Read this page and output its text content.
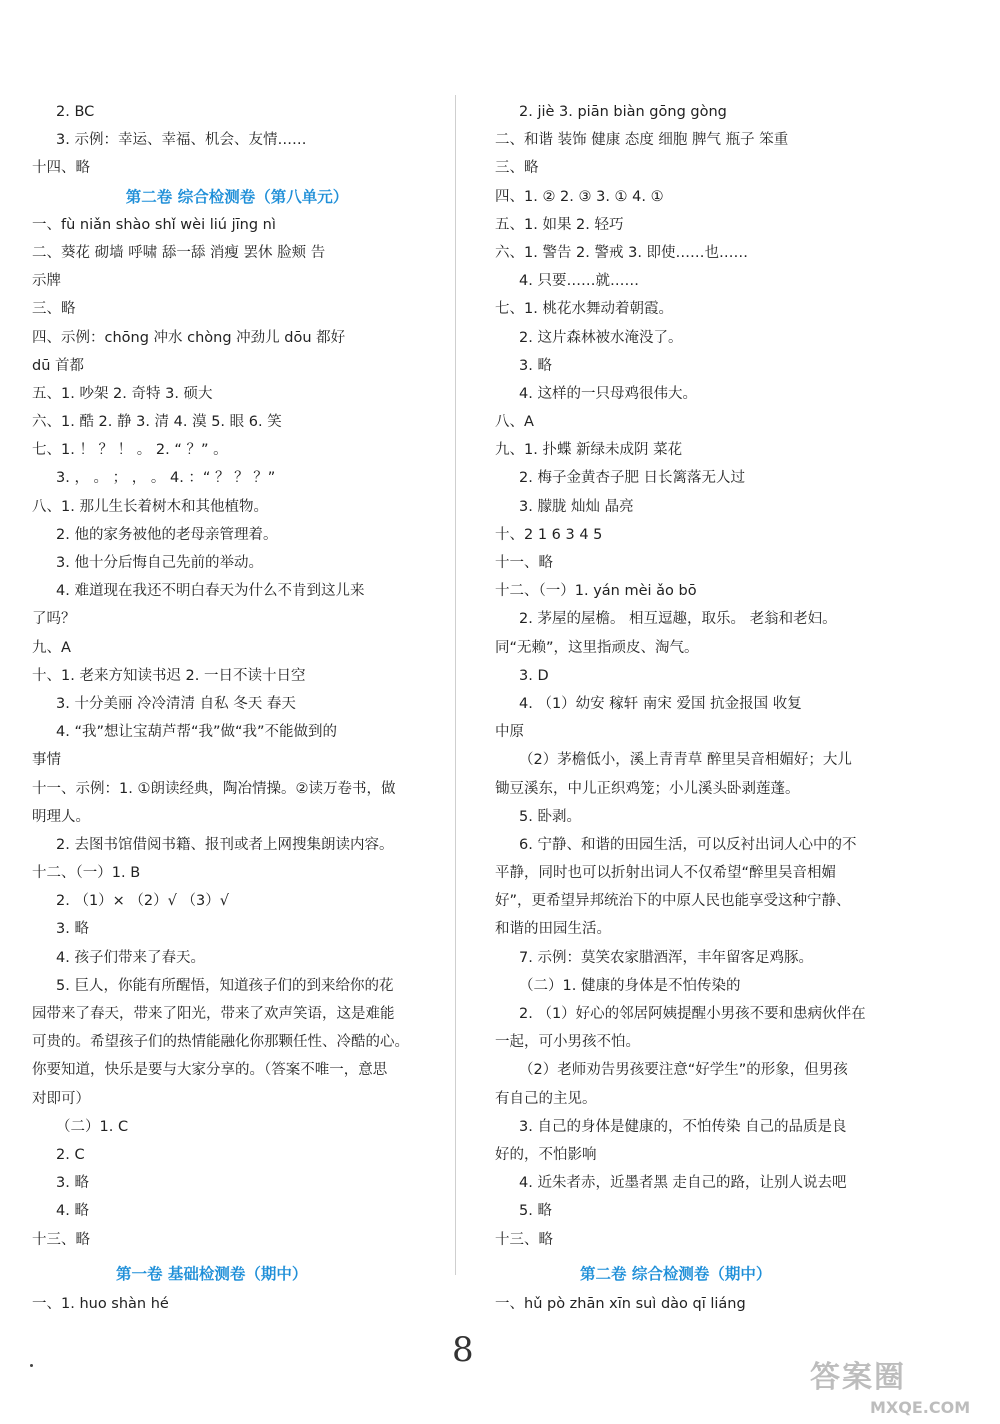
2. BC
3. 示例：幸运、幸福、机会、友情……
十四、略
第二卷 综合检测卷（第八单元）
一、fù niǎn shào shǐ wèi liú jīng nì
二、葵花 砌墙 呼啸 舔一舔 消瘦 罢休 脸颊 告
示牌
三、略
四、示例：chōng 冲水 chòng 冲劲儿 dōu 都好
dū 首都
五、1. 吵架 2. 奇特 3. 硕大
六、1. 酷 2. 静 3. 清 4. 漠 5. 眼 6. 笑
七、1. ！ ？ ！ 。 2. “ ？” 。
3. ， 。 ； ， 。 4. ：“ ？ ？ ？”
八、1. 那儿生长着树木和其他植物。
2. 他的家务被他的老母亲管理着。
3. 他十分后悔自己先前的举动。
4. 难道现在我还不明白春天为什么不肯到这儿来
了吗？
九、A
十、1. 老来方知读书迟 2. 一日不读十日空
3. 十分美丽 冷冷清清 自私 冬天 春天
4. “我”想让宝葫芦帮“我”做“我”不能做到的
事情
十一、示例：1. ①朗读经典，陶冶情操。②读万卷书，做
明理人。
2. 去图书馆借阅书籍、报刊或者上网搜集朗读内容。
十二、（一）1. B
2. （1）× （2）√ （3）√
3. 略
4. 孩子们带来了春天。
5. 巨人，你能有所醒悟，知道孩子们的到来给你的花
园带来了春天，带来了阳光，带来了欢声笑语，这是难能
可贵的。希望孩子们的热情能融化你那颗任性、冷酷的心。
你要知道，快乐是要与大家分享的。（答案不唯一，意思
对即可）
（二）1. C
2. C
3. 略
4. 略
十三、略
2. jiè 3. piān biàn gōng gòng
二、和谐 装饰 健康 态度 细胞 脾气 瓶子 笨重
三、略
四、1. ② 2. ③ 3. ① 4. ①
五、1. 如果 2. 轻巧
六、1. 警告 2. 警戒 3. 即使……也……
4. 只要……就……
七、1. 桃花水舞动着朝霞。
2. 这片森林被水淹没了。
3. 略
4. 这样的一只母鸡很伟大。
八、A
九、1. 扑蝶 新绿未成阴 菜花
2. 梅子金黄杏子肥 日长篱落无人过
3. 朦胧 灿灿 晶亮
十、2 1 6 3 4 5
十一、略
十二、（一）1. yán mèi ǎo bō
2. 茅屋的屋檐。 相互逗趣，取乐。 老翁和老妇。
同“无赖”，这里指顽皮、淘气。
3. D
4. （1）幼安 稼轩 南宋 爱国 抗金报国 收复
中原
（2）茅檐低小，溪上青青草 醉里吴音相媚好；大儿
锄豆溪东，中儿正织鸡笼；小儿溪头卧剥莲蓬。
5. 卧剥。
6. 宁静、和谐的田园生活，可以反衬出词人心中的不
平静，同时也可以折射出词人不仅希望“醉里吴音相媚
好”，更希望异邦统治下的中原人民也能享受这种宁静、
和谐的田园生活。
7. 示例：莫笑农家腊酒浑，丰年留客足鸡豚。
（二）1. 健康的身体是不怕传染的
2. （1）好心的邻居阿姨提醒小男孩不要和患病伙伴在
一起，可小男孩不怕。
（2）老师劝告男孩要注意“好学生”的形象，但男孩
有自己的主见。
3. 自己的身体是健康的，不怕传染 自己的品质是良
好的，不怕影响
4. 近朱者赤，近墨者黑 走自己的路，让别人说去吧
5. 略
十三、略
第一卷 基础检测卷（期中）
一、1. huo shàn hé
第二卷 综合检测卷（期中）
一、hǔ pò zhān xīn suì dào qī liáng
8
答案圈
MXQE.COM
